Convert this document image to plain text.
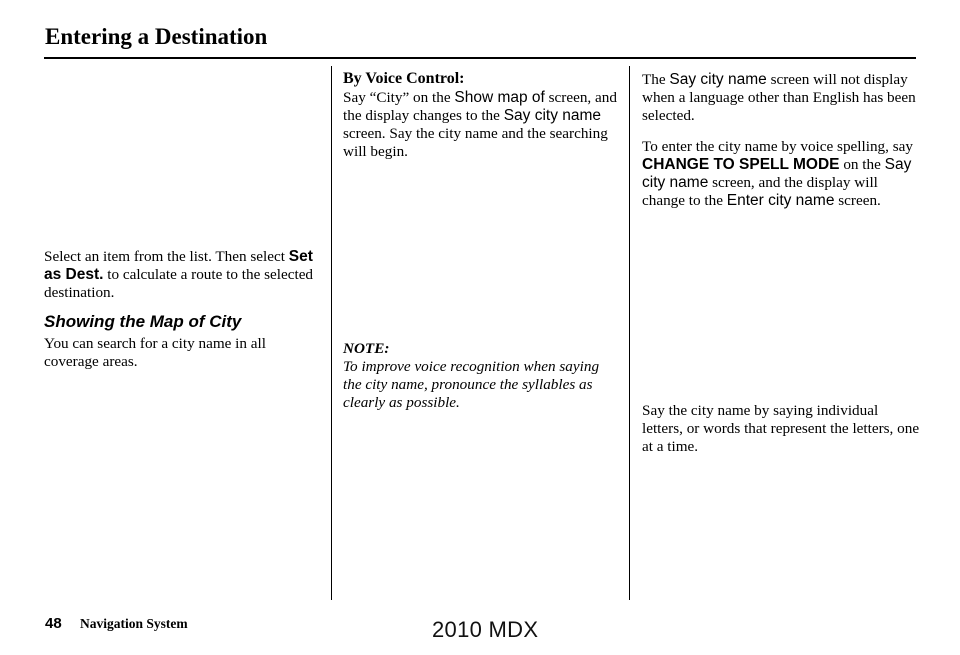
Entering a Destination

Select an item from the list. Then select Set as Dest. to calculate a route to the selected destination.

Showing the Map of City

You can search for a city name in all coverage areas.

By Voice Control:

Say “City” on the Show map of screen, and the display changes to the Say city name screen. Say the city name and the searching will begin.

NOTE:

To improve voice recognition when saying the city name, pronounce the syllables as clearly as possible.

The Say city name screen will not display when a language other than English has been selected.

To enter the city name by voice spelling, say CHANGE TO SPELL MODE on the Say city name screen, and the display will change to the Enter city name screen.

Say the city name by saying individual letters, or words that represent the letters, one at a time.

48 Navigation System	2010 MDX
